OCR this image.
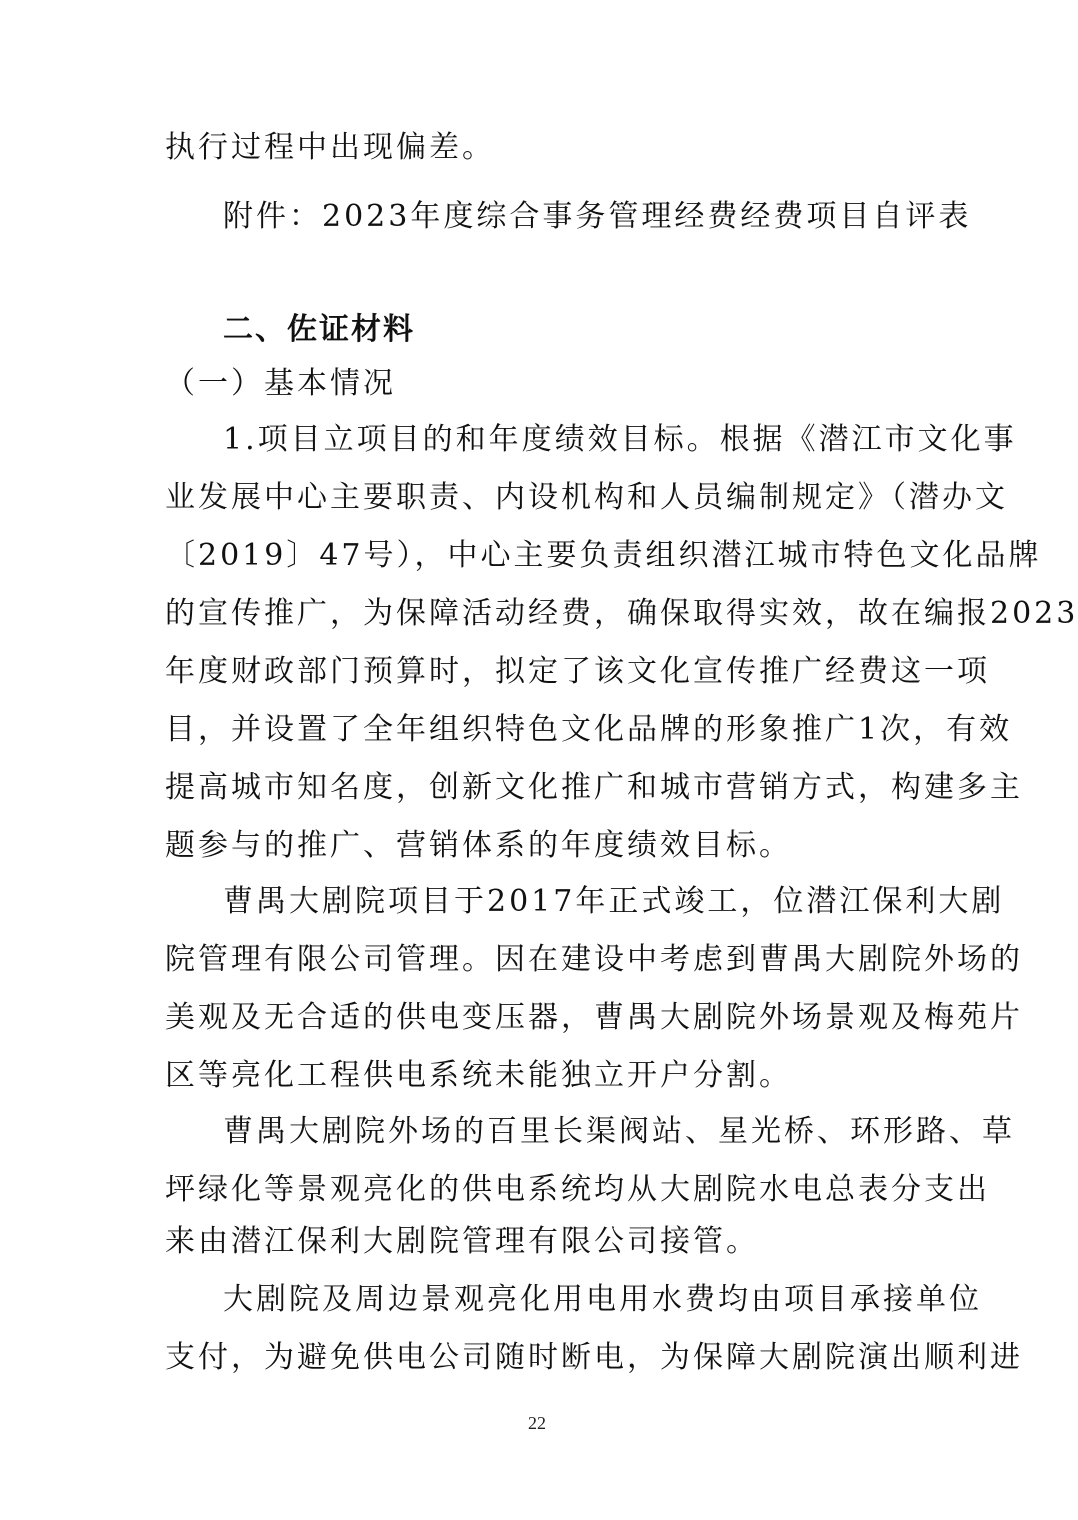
执行过程中出现偏差。
附件：2023年度综合事务管理经费经费项目自评表
二、佐证材料
（一）基本情况
1.项目立项目的和年度绩效目标。根据《潜江市文化事
业发展中心主要职责、内设机构和人员编制规定》（潜办文
〔2019〕47号），中心主要负责组织潜江城市特色文化品牌
的宣传推广，为保障活动经费，确保取得实效，故在编报2023
年度财政部门预算时，拟定了该文化宣传推广经费这一项
目，并设置了全年组织特色文化品牌的形象推广1次，有效
提高城市知名度，创新文化推广和城市营销方式，构建多主
题参与的推广、营销体系的年度绩效目标。
曹禺大剧院项目于2017年正式竣工，位潜江保利大剧
院管理有限公司管理。因在建设中考虑到曹禺大剧院外场的
美观及无合适的供电变压器，曹禺大剧院外场景观及梅苑片
区等亮化工程供电系统未能独立开户分割。
曹禺大剧院外场的百里长渠阀站、星光桥、环形路、草
坪绿化等景观亮化的供电系统均从大剧院水电总表分支出
来由潜江保利大剧院管理有限公司接管。
大剧院及周边景观亮化用电用水费均由项目承接单位
支付，为避免供电公司随时断电，为保障大剧院演出顺利进
22
